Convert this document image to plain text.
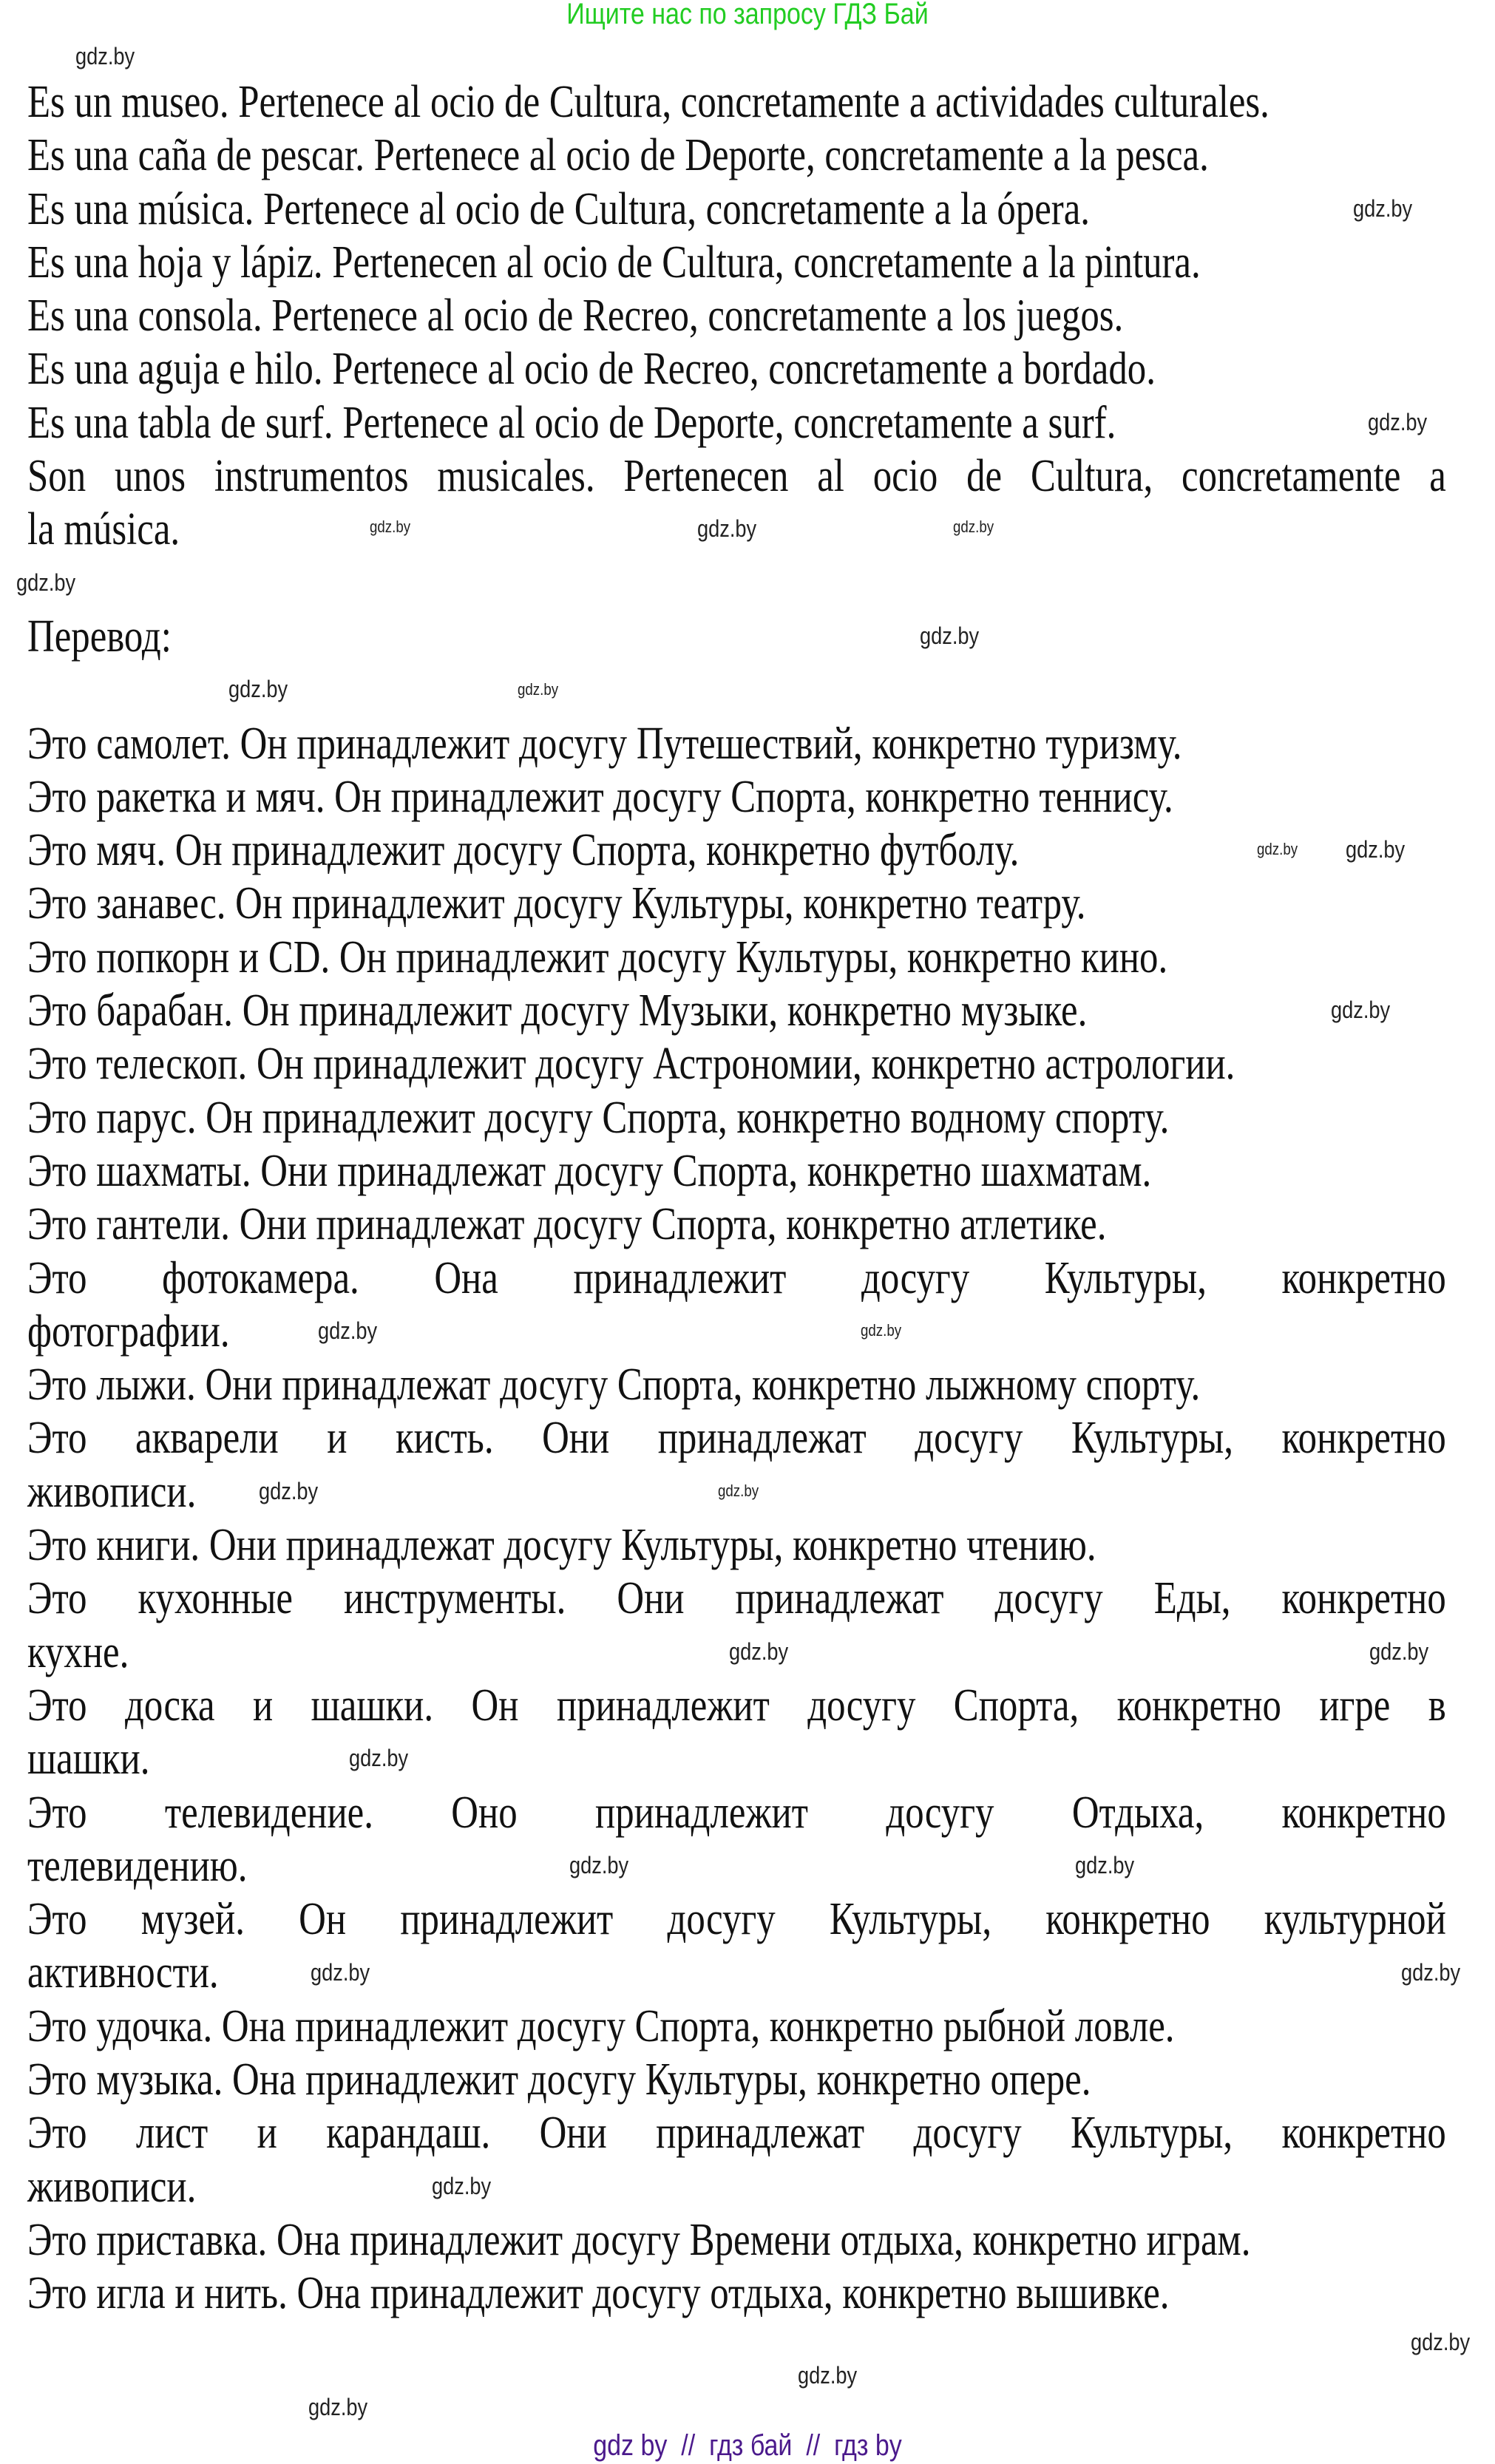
Ищите нас по запросу ГДЗ Бай
Es un museo. Pertenece al ocio de Cultura, concretamente a actividades culturales.
Es una caña de pescar. Pertenece al ocio de Deporte, concretamente a la pesca.
Es una música. Pertenece al ocio de Cultura, concretamente a la ópera.
Es una hoja y lápiz. Pertenecen al ocio de Cultura, concretamente a la pintura.
Es una consola. Pertenece al ocio de Recreo, concretamente a los juegos.
Es una aguja e hilo. Pertenece al ocio de Recreo, concretamente a bordado.
Es una tabla de surf. Pertenece al ocio de Deporte, concretamente a surf.
Son unos instrumentos musicales. Pertenecen al ocio de Cultura, concretamente a
la música.
Перевод:
Это самолет. Он принадлежит досугу Путешествий, конкретно туризму.
Это ракетка и мяч. Он принадлежит досугу Спорта, конкретно теннису.
Это мяч. Он принадлежит досугу Спорта, конкретно футболу.
Это занавес. Он принадлежит досугу Культуры, конкретно театру.
Это попкорн и CD. Он принадлежит досугу Культуры, конкретно кино.
Это барабан. Он принадлежит досугу Музыки, конкретно музыке.
Это телескоп. Он принадлежит досугу Астрономии, конкретно астрологии.
Это парус. Он принадлежит досугу Спорта, конкретно водному спорту.
Это шахматы. Они принадлежат досугу Спорта, конкретно шахматам.
Это гантели. Они принадлежат досугу Спорта, конкретно атлетике.
Это фотокамера. Она принадлежит досугу Культуры, конкретно
фотографии.
Это лыжи. Они принадлежат досугу Спорта, конкретно лыжному спорту.
Это акварели и кисть. Они принадлежат досугу Культуры, конкретно
живописи.
Это книги. Они принадлежат досугу Культуры, конкретно чтению.
Это кухонные инструменты. Они принадлежат досугу Еды, конкретно
кухне.
Это доска и шашки. Он принадлежит досугу Спорта, конкретно игре в
шашки.
Это телевидение. Оно принадлежит досугу Отдыха, конкретно
телевидению.
Это музей. Он принадлежит досугу Культуры, конкретно культурной
активности.
Это удочка. Она принадлежит досугу Спорта, конкретно рыбной ловле.
Это музыка. Она принадлежит досугу Культуры, конкретно опере.
Это лист и карандаш. Они принадлежат досугу Культуры, конкретно
живописи.
Это приставка. Она принадлежит досугу Времени отдыха, конкретно играм.
Это игла и нить. Она принадлежит досугу отдыха, конкретно вышивке.
gdz.by
gdz.by	gdz.by
gdz.by
gdz.by
gdz.by
gdz.by
gdz.by
gdz.by	gdz.by
gdz.by gdz.by
gdz.by
gdz.by	gdz.by
gdz.by
gdz.by
gdz.by
gdz.by
gdz.by
gdz.by
gdz.by
gdz.by	gdz.by
gdz.by
gdz.by
gdz.by
gdz.by
gdz by  //  гдз бай  //  гдз by
